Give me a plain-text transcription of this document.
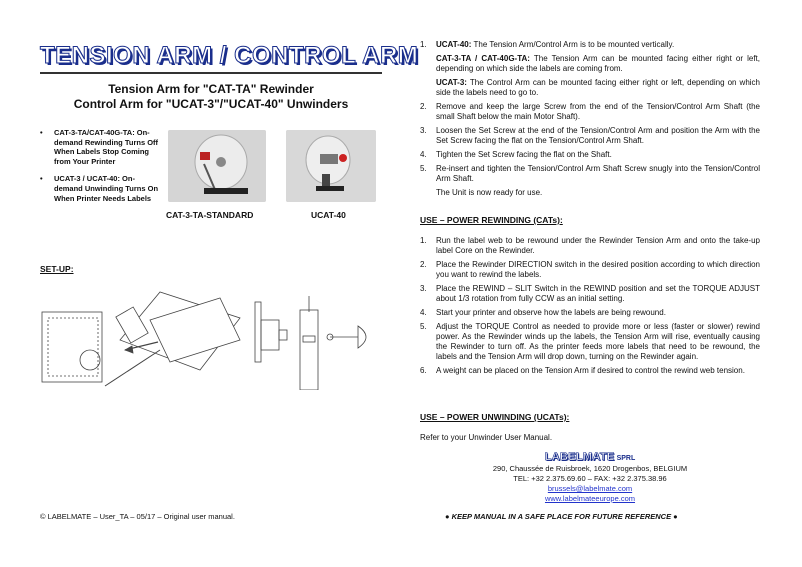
TENSION ARM / CONTROL ARM
Tension Arm for "CAT-TA" Rewinder
Control Arm for "UCAT-3"/"UCAT-40" Unwinders
• CAT-3-TA/CAT-40G-TA: On-demand Rewinding Turns Off When Labels Stop Coming from Your Printer
• UCAT-3 / UCAT-40: On-demand Unwinding Turns On When Printer Needs Labels
CAT-3-TA-STANDARD	UCAT-40
SET-UP:
© LABELMATE – User_TA – 05/17 – Original user manual.
1. UCAT-40: The Tension Arm/Control Arm is to be mounted vertically.
CAT-3-TA / CAT-40G-TA: The Tension Arm can be mounted facing either right or left, depending on which side the labels are coming from.
UCAT-3: The Control Arm can be mounted facing either right or left, depending on which side the labels need to go to.
2. Remove and keep the large Screw from the end of the Tension/Control Arm Shaft (the small Shaft below the main Motor Shaft).
3. Loosen the Set Screw at the end of the Tension/Control Arm and position the Arm with the Set Screw facing the flat on the Tension/Control Arm Shaft.
4. Tighten the Set Screw facing the flat on the Shaft.
5. Re-insert and tighten the Tension/Control Arm Shaft Screw snugly into the Tension/Control Arm Shaft.
The Unit is now ready for use.
USE – POWER REWINDING (CATs):
1. Run the label web to be rewound under the Rewinder Tension Arm and onto the take-up label Core on the Rewinder.
2. Place the Rewinder DIRECTION switch in the desired position according to which direction you want to rewind the labels.
3. Place the REWIND – SLIT Switch in the REWIND position and set the TORQUE ADJUST about 1/3 rotation from fully CCW as an initial setting.
4. Start your printer and observe how the labels are being rewound.
5. Adjust the TORQUE Control as needed to provide more or less (faster or slower) rewind power. As the Rewinder winds up the labels, the Tension Arm will rise, eventually causing the Rewinder to turn off. As the printer feeds more labels that need to be rewound, the labels and the Tension Arm will drop down, turning on the Rewinder again.
6. A weight can be placed on the Tension Arm if desired to control the rewind web tension.
USE – POWER UNWINDING (UCATs):
Refer to your Unwinder User Manual.
LABELMATE SPRL
290, Chaussée de Ruisbroek, 1620 Drogenbos, BELGIUM
TEL: +32 2.375.69.60 – FAX: +32 2.375.38.96
brussels@labelmate.com
www.labelmateeurope.com
● KEEP MANUAL IN A SAFE PLACE FOR FUTURE REFERENCE ●
